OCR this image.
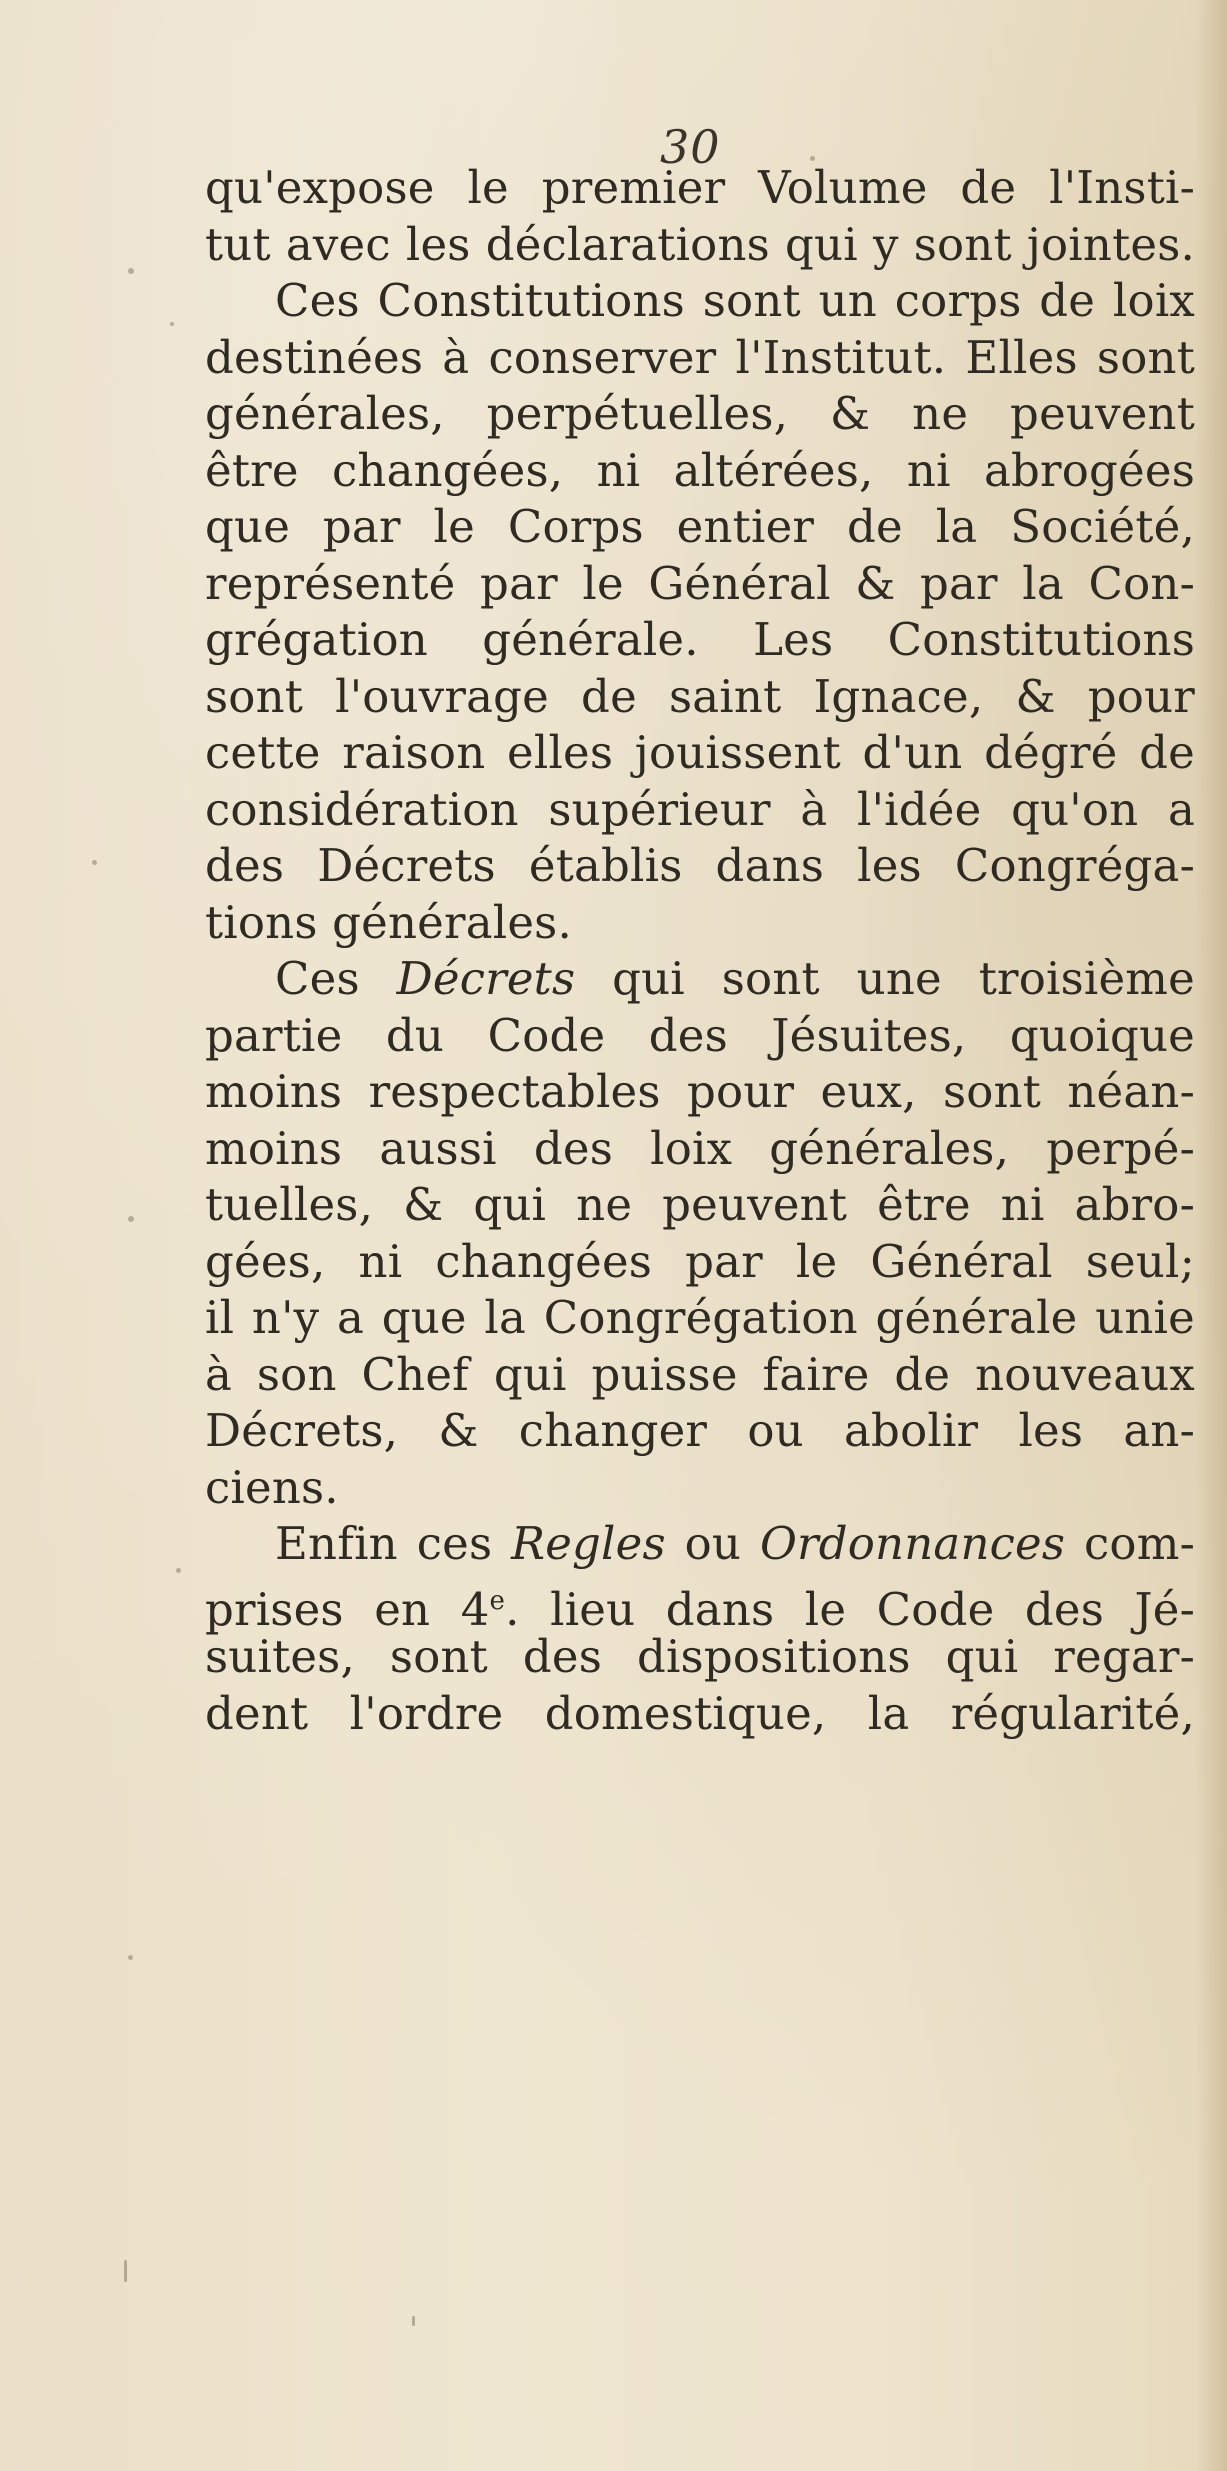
30
qu'expose le premier Volume de l'Insti-
tut avec les déclarations qui y sont jointes.
Ces Constitutions sont un corps de loix
destinées à conserver l'Institut. Elles sont
générales, perpétuelles, & ne peuvent
être changées, ni altérées, ni abrogées
que par le Corps entier de la Société,
représenté par le Général & par la Con-
grégation générale. Les Constitutions
sont l'ouvrage de saint Ignace, & pour
cette raison elles jouissent d'un dégré de
considération supérieur à l'idée qu'on a
des Décrets établis dans les Congréga-
tions générales.
Ces Décrets qui sont une troisième
partie du Code des Jésuites, quoique
moins respectables pour eux, sont néan-
moins aussi des loix générales, perpé-
tuelles, & qui ne peuvent être ni abro-
gées, ni changées par le Général seul;
il n'y a que la Congrégation générale unie
à son Chef qui puisse faire de nouveaux
Décrets, & changer ou abolir les an-
ciens.
Enfin ces Regles ou Ordonnances com-
prises en 4e. lieu dans le Code des Jé-
suites, sont des dispositions qui regar-
dent l'ordre domestique, la régularité,
